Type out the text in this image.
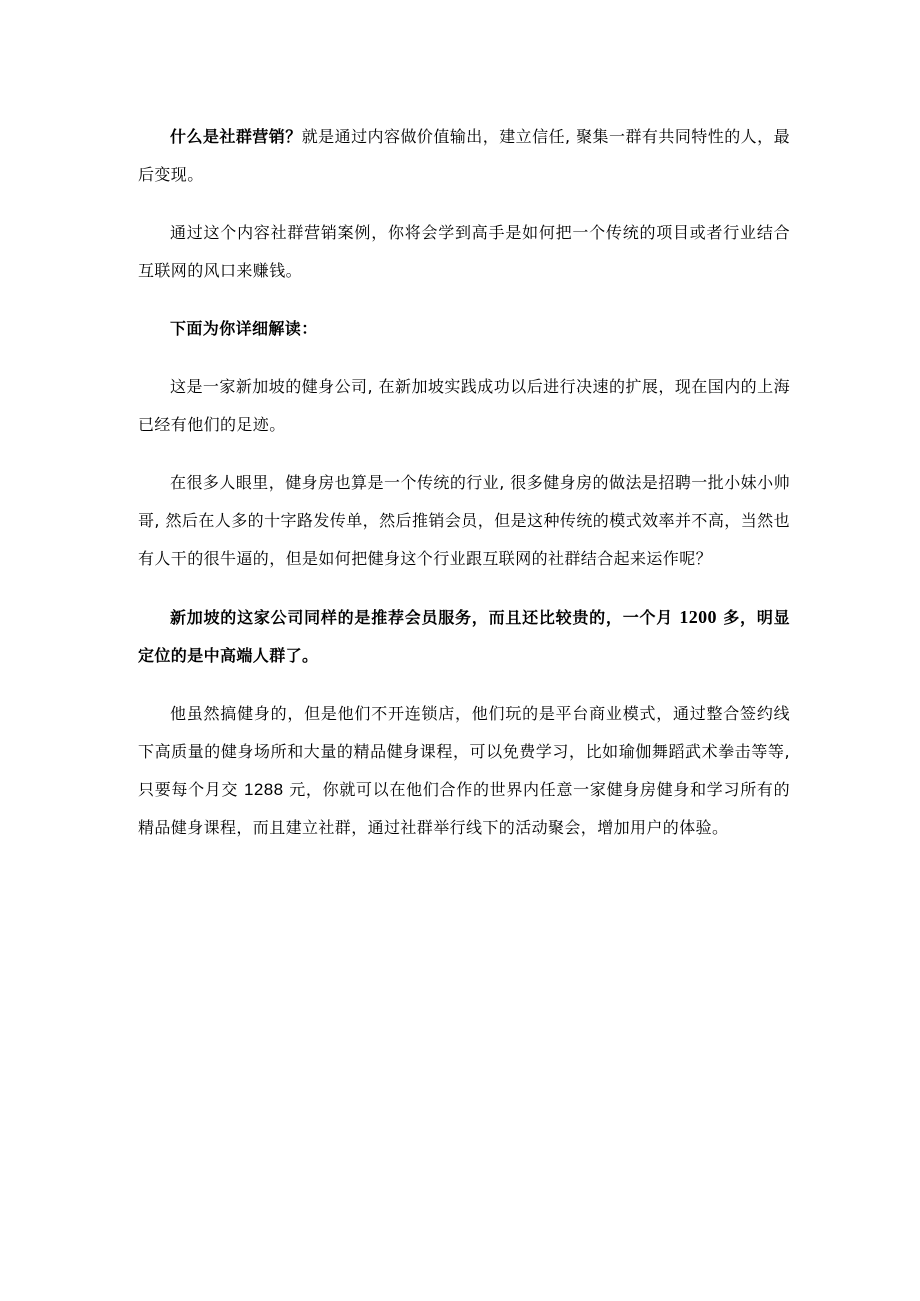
什么是社群营销？就是通过内容做价值输出，建立信任, 聚集一群有共同特性的人，最后变现。

通过这个内容社群营销案例，你将会学到高手是如何把一个传统的项目或者行业结合互联网的风口来赚钱。

下面为你详细解读：

这是一家新加坡的健身公司, 在新加坡实践成功以后进行决速的扩展，现在国内的上海已经有他们的足迹。

在很多人眼里，健身房也算是一个传统的行业, 很多健身房的做法是招聘一批小妹小帅哥, 然后在人多的十字路发传单，然后推销会员，但是这种传统的模式效率并不高，当然也有人干的很牛逼的，但是如何把健身这个行业跟互联网的社群结合起来运作呢？

新加坡的这家公司同样的是推荐会员服务，而且还比较贵的，一个月 1200 多，明显定位的是中高端人群了。

他虽然搞健身的，但是他们不开连锁店，他们玩的是平台商业模式，通过整合签约线下高质量的健身场所和大量的精品健身课程，可以免费学习，比如瑜伽舞蹈武术拳击等等, 只要每个月交 1288 元，你就可以在他们合作的世界内任意一家健身房健身和学习所有的精品健身课程，而且建立社群，通过社群举行线下的活动聚会，增加用户的体验。
